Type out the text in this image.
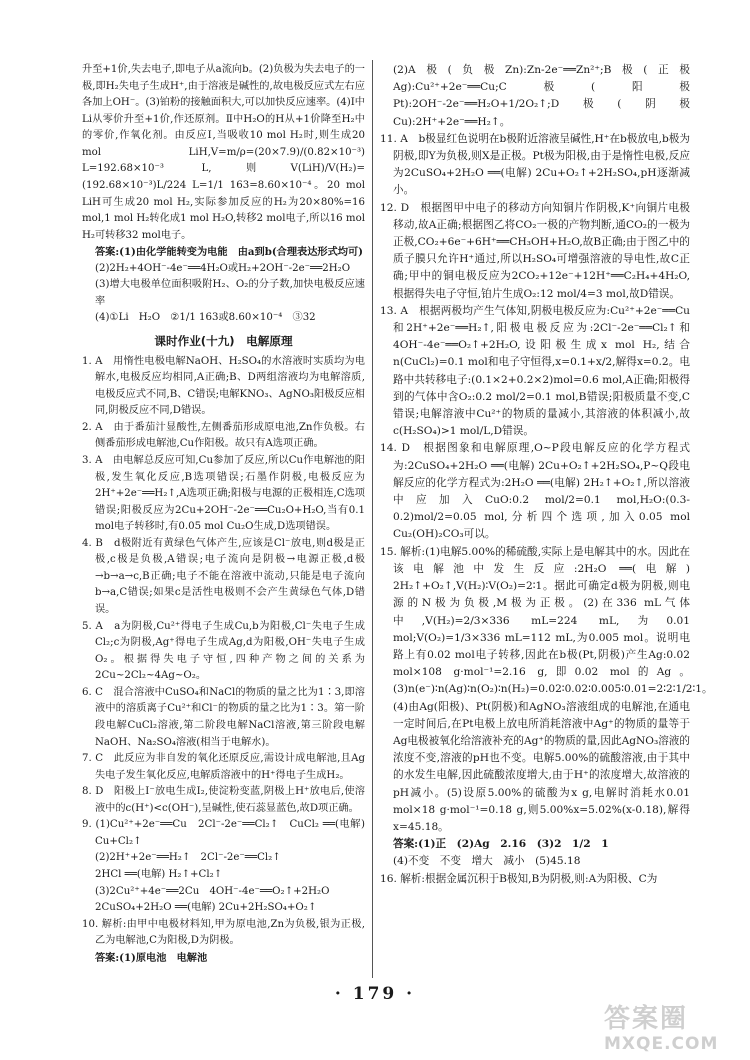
升至+1价,失去电子,即电子从a流向b。(2)负极为失去电子的一极,即H₂失电子生成H⁺,由于溶液是碱性的,故电极反应式左右应各加上OH⁻。(3)铂粉的接触面积大,可以加快反应速率。(4)Ⅰ中Li从零价升至+1价,作还原剂。Ⅱ中H₂O的H从+1价降至H₂中的零价,作氧化剂。由反应Ⅰ,当吸收10 mol H₂时,则生成20 mol LiH,V=m/ρ=(20×7.9)/(0.82×10⁻³) L=192.68×10⁻³ L,则V(LiH)/V(H₂)=(192.68×10⁻³)L/224 L=1/1 163=8.60×10⁻⁴。20 mol LiH可生成20 mol H₂,实际参加反应的H₂为20×80%=16 mol,1 mol H₂转化成1 mol H₂O,转移2 mol电子,所以16 mol H₂可转移32 mol电子。
答案:(1)由化学能转变为电能　由a到b(合理表达形式均可)
(2)2H₂+4OH⁻-4e⁻══4H₂O或H₂+2OH⁻-2e⁻══2H₂O
(3)增大电极单位面积吸附H₂、O₂的分子数,加快电极反应速率
(4)①Li　H₂O　②1/1 163或8.60×10⁻⁴　③32
课时作业(十九)　电解原理
1. A　用惰性电极电解NaOH、H₂SO₄的水溶液时实质均为电解水,电极反应均相同,A正确;B、D两组溶液均为电解溶质,电极反应式不同,B、C错误;电解KNO₃、AgNO₃阳极反应相同,阴极反应不同,D错误。
2. A　由于番茄汁显酸性,左侧番茄形成原电池,Zn作负极。右侧番茄形成电解池,Cu作阳极。故只有A选项正确。
3. A　由电解总反应可知,Cu参加了反应,所以Cu作电解池的阳极,发生氧化反应,B选项错误;石墨作阴极,电极反应为2H⁺+2e⁻══H₂↑,A选项正确;阳极与电源的正极相连,C选项错误;阳极反应为2Cu+2OH⁻-2e⁻══Cu₂O+H₂O,当有0.1 mol电子转移时,有0.05 mol Cu₂O生成,D选项错误。
4. B　d极附近有黄绿色气体产生,应该是Cl⁻放电,则d极是正极,c极是负极,A错误;电子流向是阴极→电源正极,d极→b→a→c,B正确;电子不能在溶液中流动,只能是电子流向b→a,C错误;如果c是活性电极则不会产生黄绿色气体,D错误。
5. A　a为阴极,Cu²⁺得电子生成Cu,b为阳极,Cl⁻失电子生成Cl₂;c为阴极,Ag⁺得电子生成Ag,d为阳极,OH⁻失电子生成O₂。根据得失电子守恒,四种产物之间的关系为2Cu~2Cl₂~4Ag~O₂。
6. C　混合溶液中CuSO₄和NaCl的物质的量之比为1∶3,即溶液中的溶质离子Cu²⁺和Cl⁻的物质的量之比为1∶3。第一阶段电解CuCl₂溶液,第二阶段电解NaCl溶液,第三阶段电解NaOH、Na₂SO₄溶液(相当于电解水)。
7. C　此反应为非自发的氧化还原反应,需设计成电解池,且Ag失电子发生氧化反应,电解质溶液中的H⁺得电子生成H₂。
8. D　阳极上I⁻放电生成I₂,使淀粉变蓝,阴极上H⁺放电后,使溶液中的c(H⁺)<c(OH⁻),呈碱性,使石蕊显蓝色,故D项正确。
9. (1)Cu²⁺+2e⁻══Cu　2Cl⁻-2e⁻══Cl₂↑　CuCl₂ ══(电解) Cu+Cl₂↑
(2)2H⁺+2e⁻══H₂↑　2Cl⁻-2e⁻══Cl₂↑
2HCl ══(电解) H₂↑+Cl₂↑
(3)2Cu²⁺+4e⁻══2Cu　4OH⁻-4e⁻══O₂↑+2H₂O
2CuSO₄+2H₂O ══(电解) 2Cu+2H₂SO₄+O₂↑
10. 解析:由甲中电极材料知,甲为原电池,Zn为负极,银为正极,乙为电解池,C为阳极,D为阴极。
答案:(1)原电池　电解池
(2)A极(负极Zn):Zn-2e⁻══Zn²⁺;B极(正极Ag):Cu²⁺+2e⁻══Cu;C极(阳极Pt):2OH⁻-2e⁻══H₂O+1/2O₂↑;D极(阴极Cu):2H⁺+2e⁻══H₂↑。
11. A　b极显红色说明在b极附近溶液呈碱性,H⁺在b极放电,b极为阴极,即Y为负极,则X是正极。Pt极为阳极,由于是惰性电极,反应为2CuSO₄+2H₂O ══(电解) 2Cu+O₂↑+2H₂SO₄,pH逐渐减小。
12. D　根据图甲中电子的移动方向知铜片作阴极,K⁺向铜片电极移动,故A正确;根据图乙将CO₂一极的产物判断,通CO₂的一极为正极,CO₂+6e⁻+6H⁺══CH₃OH+H₂O,故B正确;由于图乙中的质子膜只允许H⁺通过,所以H₂SO₄可增强溶液的导电性,故C正确;甲中的铜电极反应为2CO₂+12e⁻+12H⁺══C₂H₄+4H₂O,根据得失电子守恒,铂片生成O₂:12 mol/4=3 mol,故D错误。
13. A　根据两极均产生气体知,阴极电极反应为:Cu²⁺+2e⁻══Cu和2H⁺+2e⁻══H₂↑,阳极电极反应为:2Cl⁻-2e⁻══Cl₂↑和4OH⁻-4e⁻══O₂↑+2H₂O,设阳极生成x mol H₂,结合n(CuCl₂)=0.1 mol和电子守恒得,x=0.1+x/2,解得x=0.2。电路中共转移电子:(0.1×2+0.2×2)mol=0.6 mol,A正确;阳极得到的气体中含O₂:0.2 mol/2=0.1 mol,B错误;阳极质量不变,C错误;电解溶液中Cu²⁺的物质的量减小,其溶液的体积减小,故c(H₂SO₄)>1 mol/L,D错误。
14. D　根据图象和电解原理,O~P段电解反应的化学方程式为:2CuSO₄+2H₂O ══(电解) 2Cu+O₂↑+2H₂SO₄,P~Q段电解反应的化学方程式为:2H₂O ══(电解) 2H₂↑+O₂↑,所以溶液中应加入CuO:0.2 mol/2=0.1 mol,H₂O:(0.3-0.2)mol/2=0.05 mol,分析四个选项,加入0.05 mol Cu₂(OH)₂CO₃可以。
15. 解析:(1)电解5.00%的稀硫酸,实际上是电解其中的水。因此在该电解池中发生反应:2H₂O ══(电解) 2H₂↑+O₂↑,V(H₂)∶V(O₂)=2∶1。据此可确定d极为阴极,则电源的N极为负极,M极为正极。(2)在336 mL气体中,V(H₂)=2/3×336 mL=224 mL,为0.01 mol;V(O₂)=1/3×336 mL=112 mL,为0.005 mol。说明电路上有0.02 mol电子转移,因此在b极(Pt,阴极)产生Ag:0.02 mol×108 g·mol⁻¹=2.16 g,即0.02 mol的Ag。(3)n(e⁻)∶n(Ag)∶n(O₂)∶n(H₂)=0.02∶0.02∶0.005∶0.01=2∶2∶1/2∶1。(4)由Ag(阳极)、Pt(阴极)和AgNO₃溶液组成的电解池,在通电一定时间后,在Pt电极上放电所消耗溶液中Ag⁺的物质的量等于Ag电极被氧化给溶液补充的Ag⁺的物质的量,因此AgNO₃溶液的浓度不变,溶液的pH也不变。电解5.00%的硫酸溶液,由于其中的水发生电解,因此硫酸浓度增大,由于H⁺的浓度增大,故溶液的pH减小。(5)设原5.00%的硫酸为x g,电解时消耗水0.01 mol×18 g·mol⁻¹=0.18 g,则5.00%x=5.02%(x-0.18),解得x=45.18。
答案:(1)正　(2)Ag　2.16　(3)2　1/2　1
(4)不变　不变　增大　减小　(5)45.18
16. 解析:根据金属沉积于B极知,B为阴极,则:A为阳极、C为
· 179 ·
答案圈
MXQE.COM
